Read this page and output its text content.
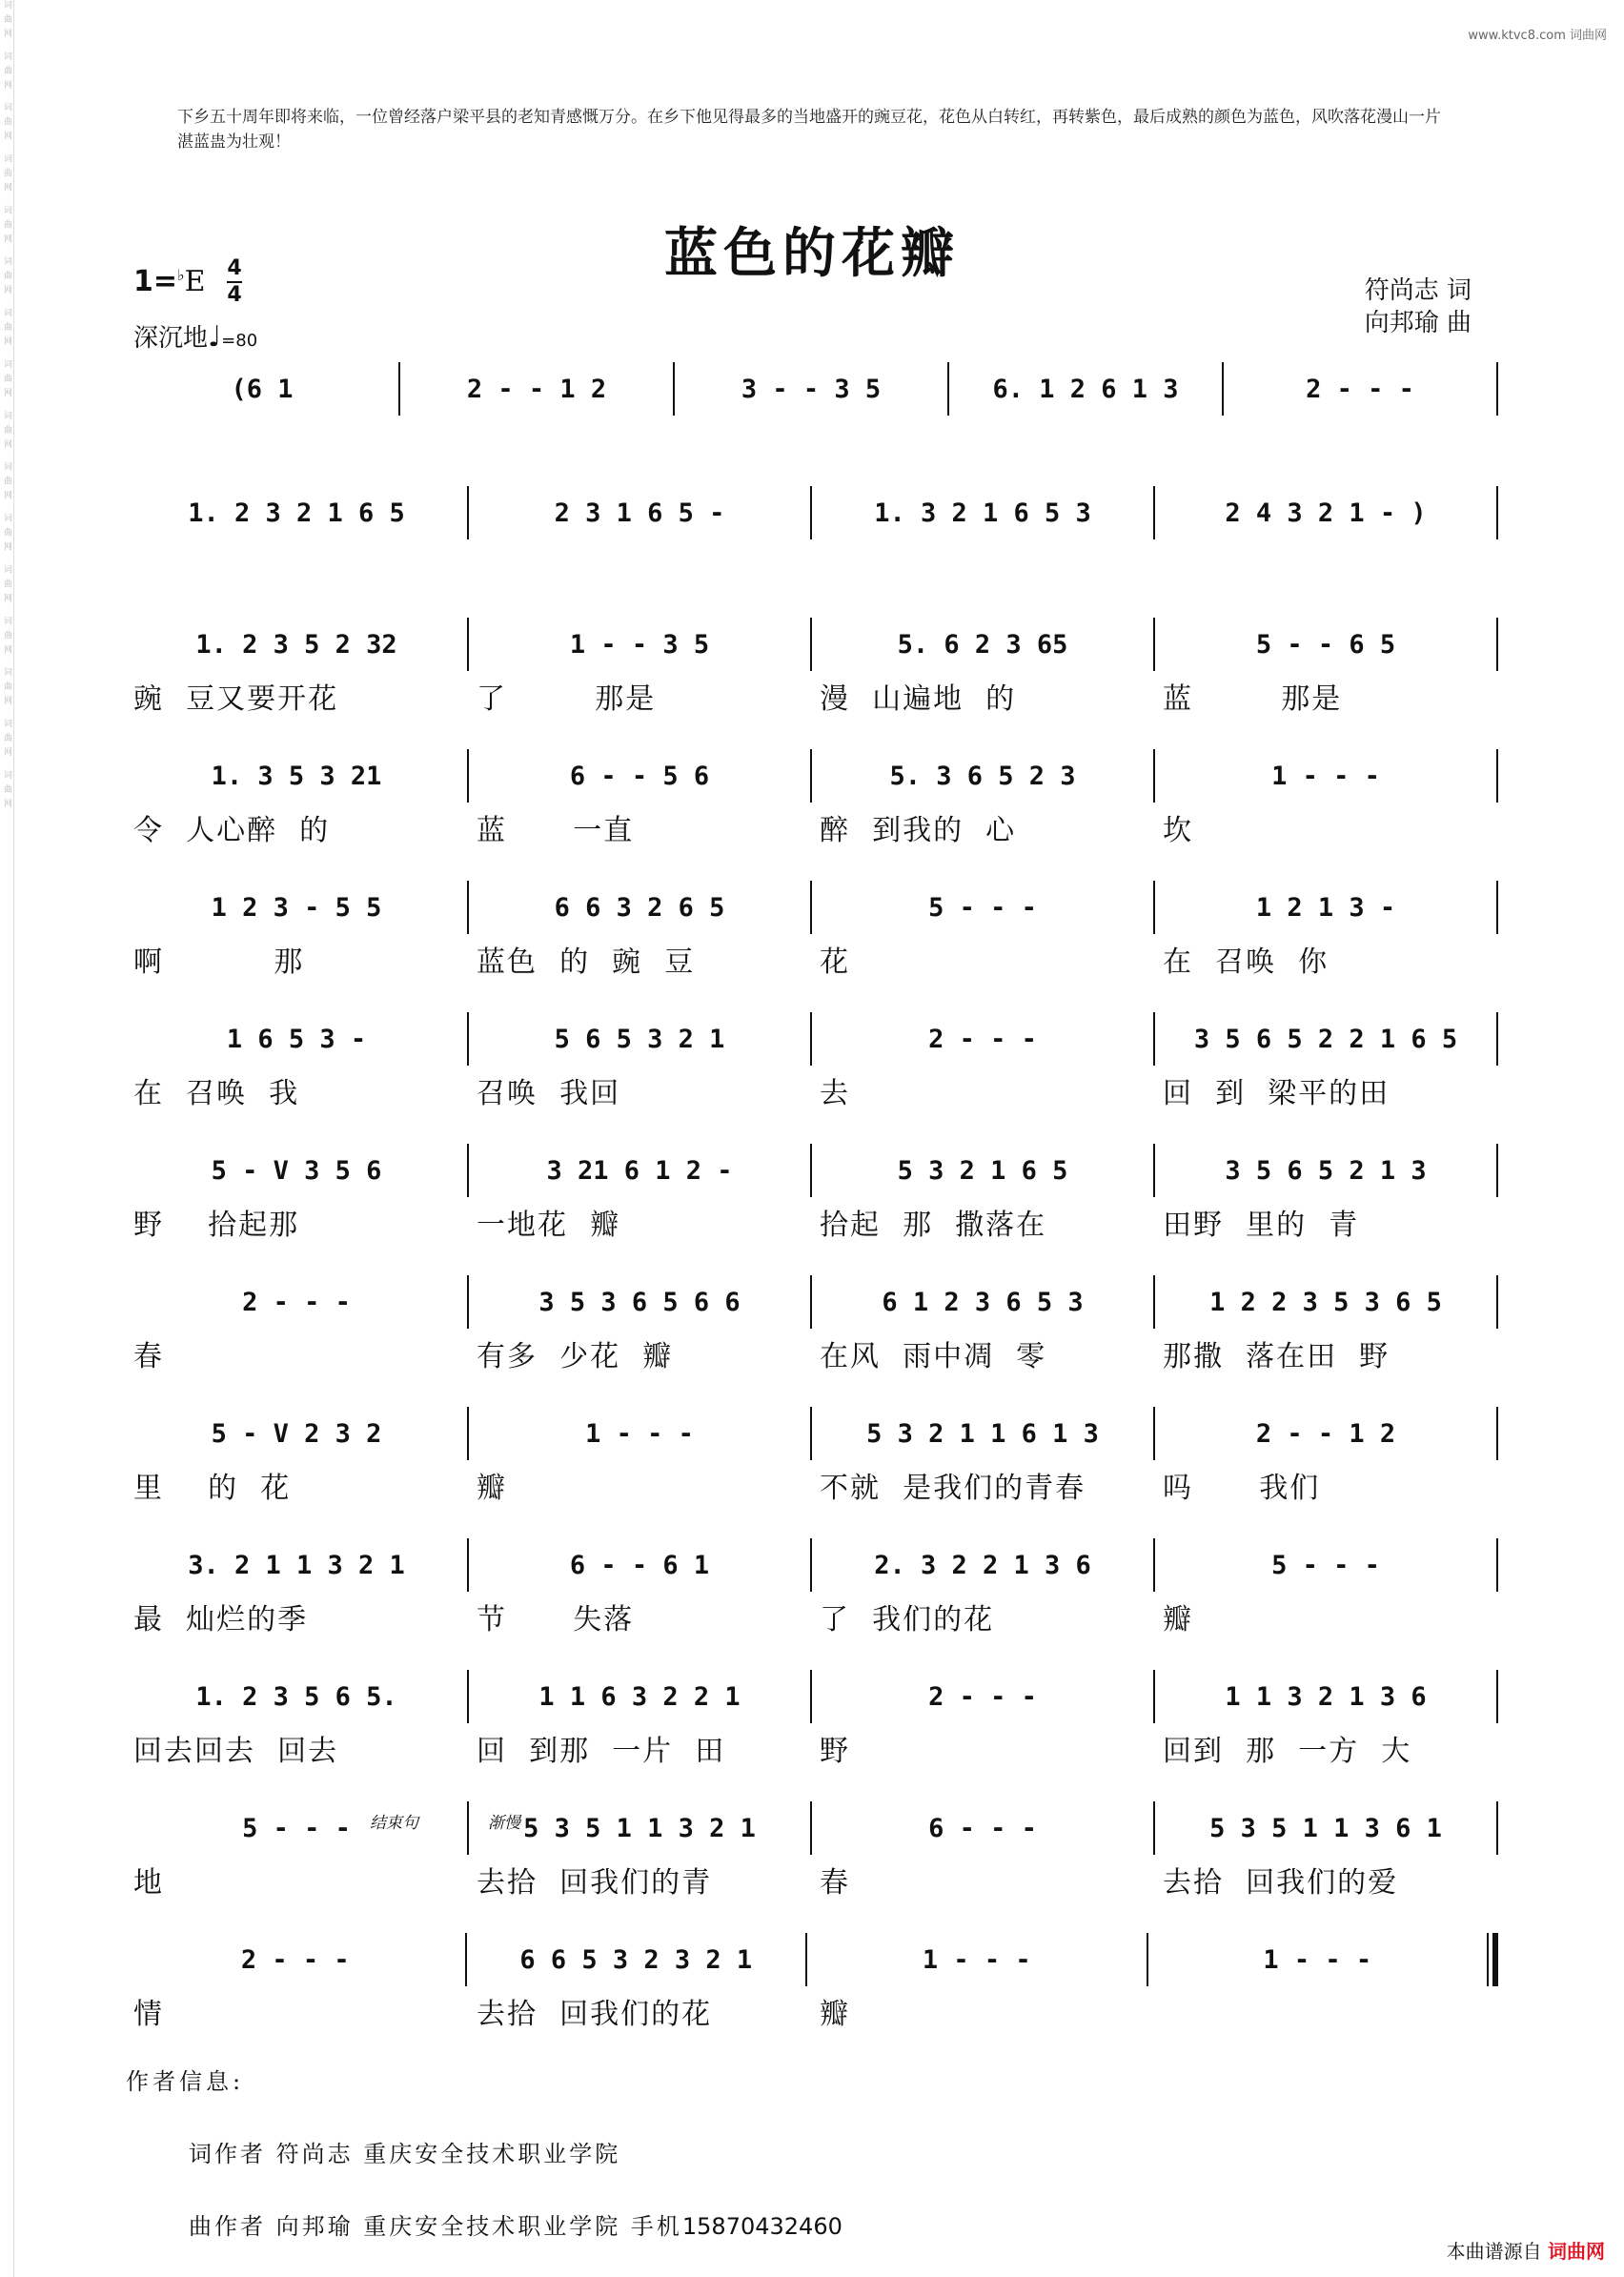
词曲网 词曲网 词曲网 词曲网 词曲网 词曲网 词曲网 词曲网 词曲网 词曲网 词曲网 词曲网 词曲网 词曲网 词曲网 词曲网	www.ktvc8.com 词曲网
下乡五十周年即将来临，一位曾经落户梁平县的老知青感慨万分。在乡下他见得最多的当地盛开的豌豆花，花色从白转红，再转紫色，最后成熟的颜色为蓝色，风吹落花漫山一片湛蓝蛊为壮观！
蓝色的花瓣
1=♭E 4
4
深沉地♩=80
符尚志 词
向邦瑜 曲
(6 1	2 - - 1 2	3 - - 3 5	6. 1 2 6 1 3	2 - - -
1. 2 3 2 1 6 5	2 3 1 6 5 -	1. 3 2 1 6 5 3	2 4 3 2 1 - )
1. 2 3 5 2 32	1 - - 3 5	5. 6 2 3 65	5 - - 6 5
豌  豆又要开花	了        那是	漫  山遍地  的	蓝        那是
1. 3 5 3 21	6 - - 5 6	5. 3 6 5 2 3	1 - - -
令  人心醉  的	蓝      一直	醉  到我的  心	坎
1 2 3 - 5 5	6 6 3 2 6 5	5 - - -	1 2 1 3 -
啊          那	蓝色  的  豌  豆	花	在  召唤  你
1 6 5 3 -	5 6 5 3 2 1	2 - - -	3 5 6 5 2 2 1 6 5
在  召唤  我	召唤  我回	去	回  到  梁平的田
5 - V 3 5 6	3 21 6 1 2 -	5 3 2 1 6 5	3 5 6 5 2 1 3
野    拾起那	一地花  瓣	拾起  那  撒落在	田野  里的  青
2 - - -	3 5 3 6 5 6 6	6 1 2 3 6 5 3	1 2 2 3 5 3 6 5
春	有多  少花  瓣	在风  雨中凋  零	那撒  落在田  野
5 - V 2 3 2	1 - - -	5 3 2 1 1 6 1 3	2 - - 1 2
里    的  花	瓣	不就  是我们的青春	吗      我们
3. 2 1 1 3 2 1	6 - - 6 1	2. 3 2 2 1 3 6	5 - - -
最  灿烂的季	节      失落	了  我们的花	瓣
1. 2 3 5 6 5.	1 1 6 3 2 2 1	2 - - -	1 1 3 2 1 3 6
回去回去  回去	回  到那  一片  田	野	回到  那  一方  大
5 - - -	5 3 5 1 1 3 2 1	6 - - -	5 3 5 1 1 3 6 1
地	去拾  回我们的青	春	去拾  回我们的爱
2 - - -	6 6 5 3 2 3 2 1	1 - - -	1 - - -
情	去拾  回我们的花	瓣
结束句	渐慢
作者信息:
词作者 符尚志 重庆安全技术职业学院
曲作者 向邦瑜 重庆安全技术职业学院 手机15870432460
本曲谱源自 词曲网
